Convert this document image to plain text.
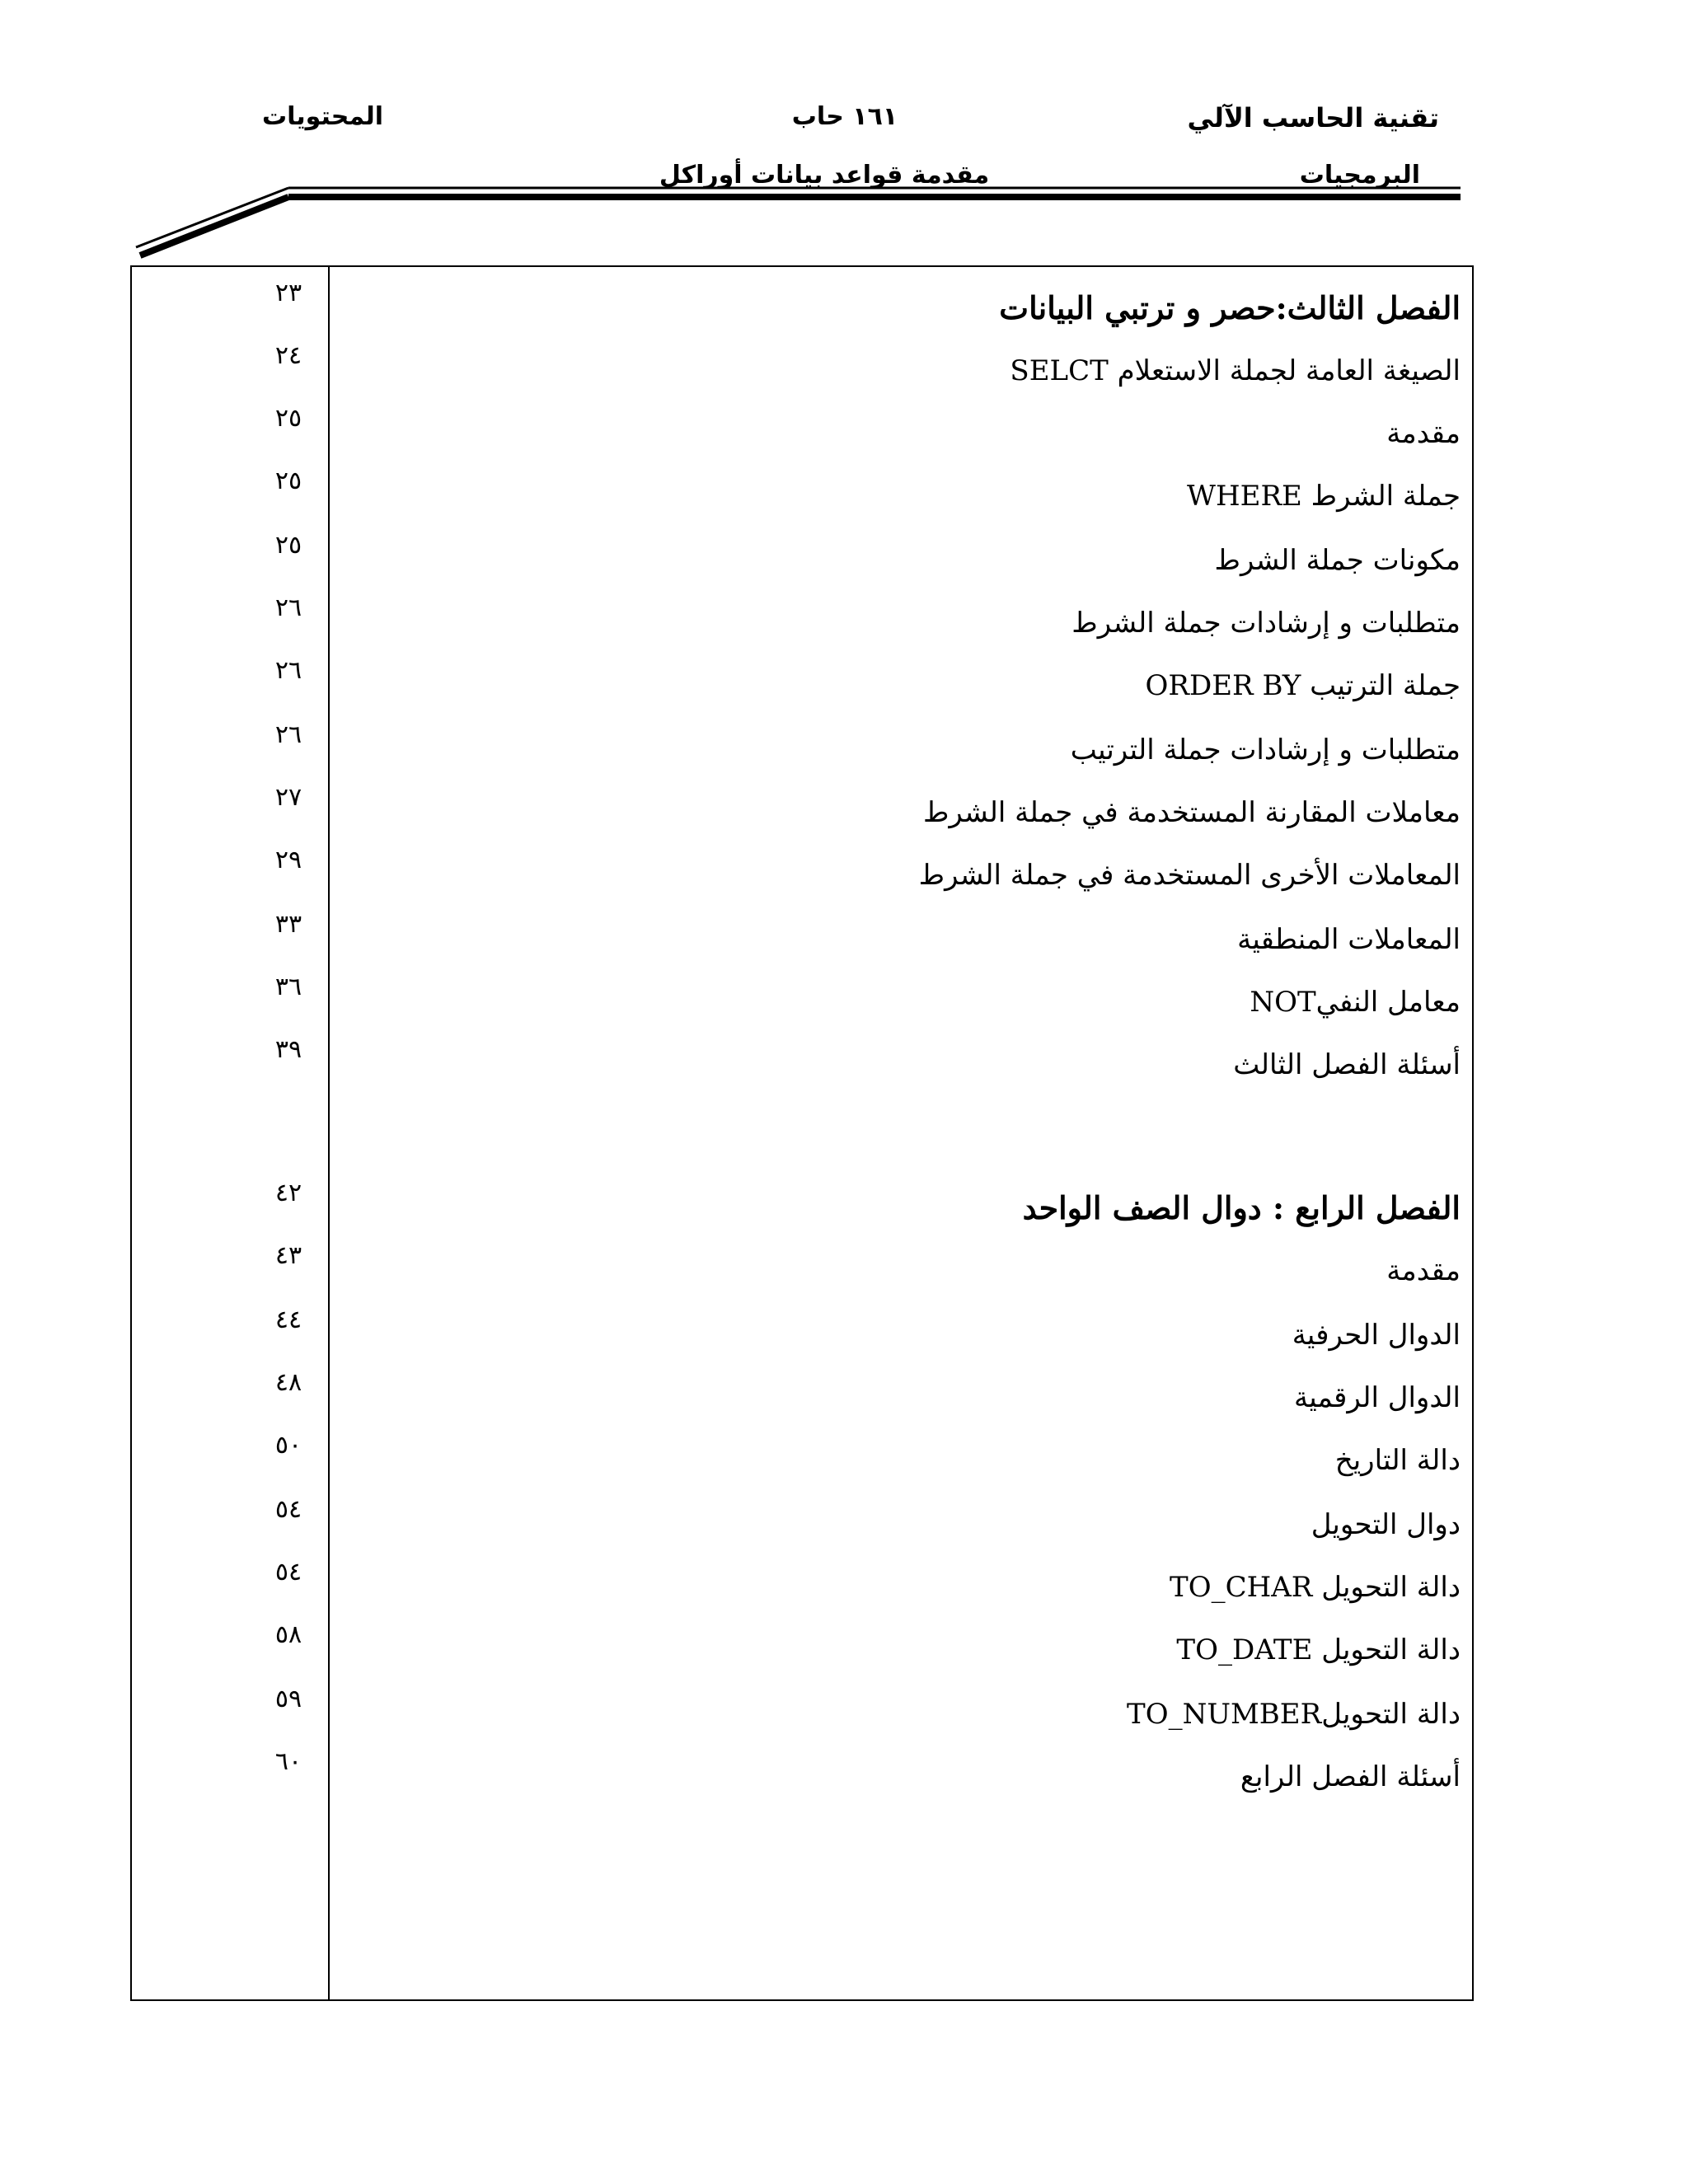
تقنية الحاسب الآلي
١٦١ حاب
المحتويات
البرمجيات
مقدمة قواعد بيانات أوراكل
الفصل الثالث:حصر و ترتبي البيانات
٢٣
الصيغة العامة لجملة الاستعلام SELCT
٢٤
مقدمة
٢٥
جملة الشرط WHERE
٢٥
مكونات جملة الشرط
٢٥
متطلبات و إرشادات جملة الشرط
٢٦
جملة الترتيب ORDER BY
٢٦
متطلبات و إرشادات جملة الترتيب
٢٦
معاملات المقارنة المستخدمة في جملة الشرط
٢٧
المعاملات الأخرى المستخدمة في جملة الشرط
٢٩
المعاملات المنطقية
٣٣
معامل النفيNOT
٣٦
أسئلة الفصل الثالث
٣٩
الفصل الرابع : دوال الصف الواحد
٤٢
مقدمة
٤٣
الدوال الحرفية
٤٤
الدوال الرقمية
٤٨
دالة التاريخ
٥٠
دوال التحويل
٥٤
دالة التحويل TO_CHAR
٥٤
دالة التحويل TO_DATE
٥٨
دالة التحويلTO_NUMBER
٥٩
أسئلة الفصل الرابع
٦٠
